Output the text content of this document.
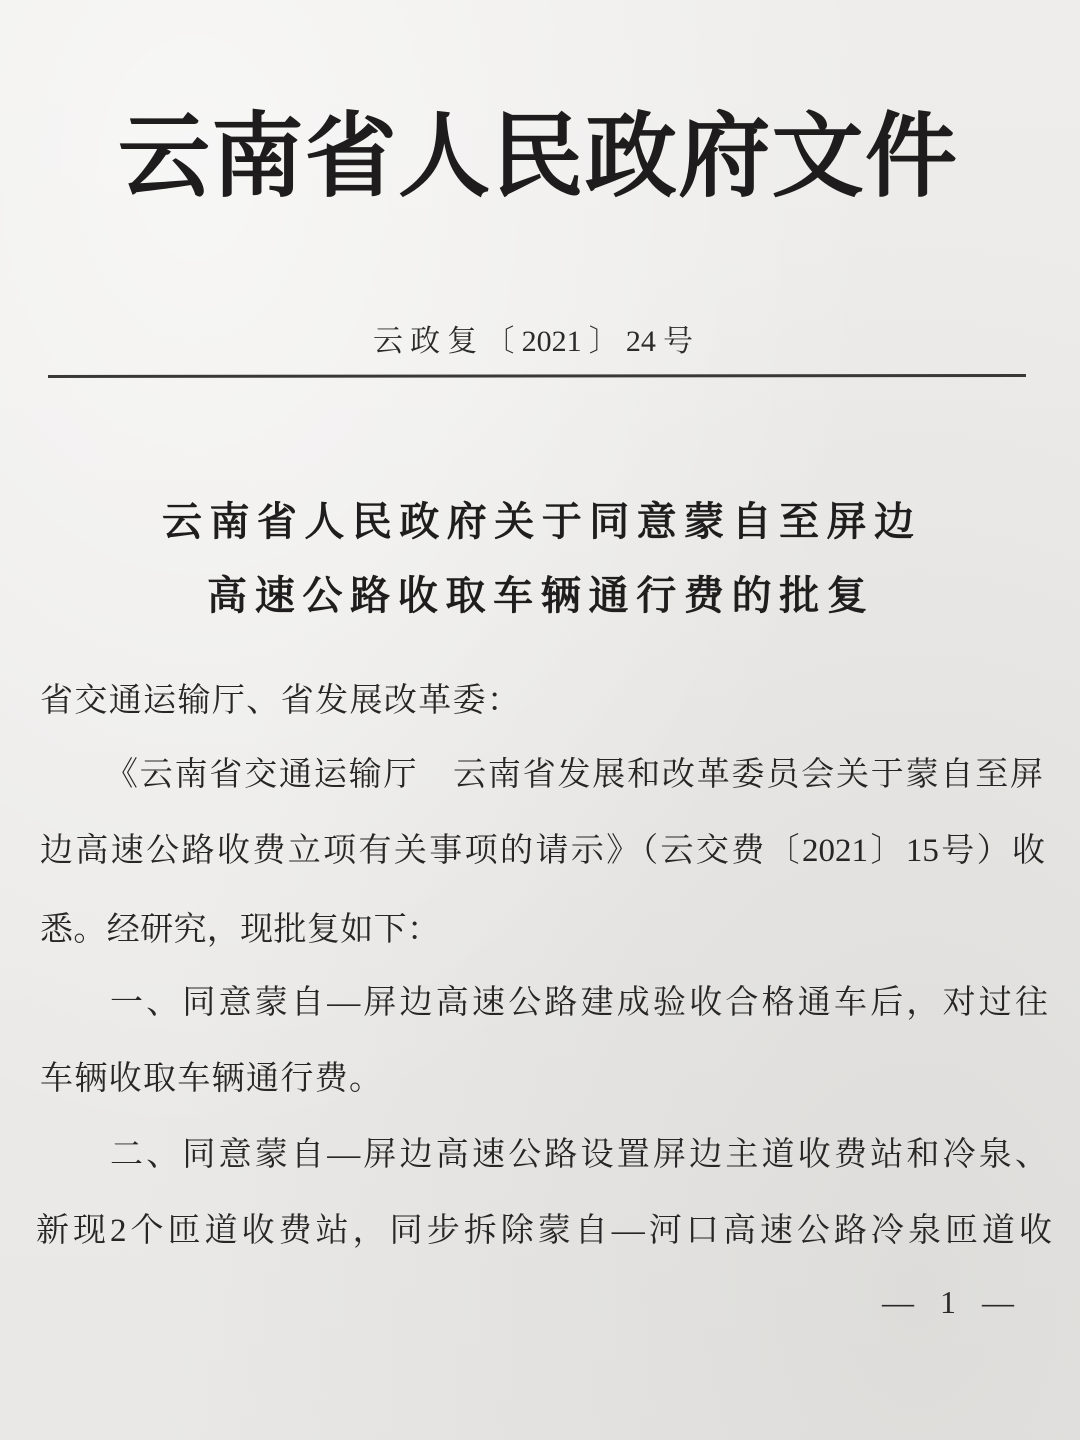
云南省人民政府文件
云政复〔2021〕24号
云南省人民政府关于同意蒙自至屏边
高速公路收取车辆通行费的批复

省交通运输厅、省发展改革委：

《云南省交通运输厅　云南省发展和改革委员会关于蒙自至屏

边高速公路收费立项有关事项的请示》（云交费〔2021〕15号）收

悉。经研究，现批复如下：

一、同意蒙自—屏边高速公路建成验收合格通车后，对过往

车辆收取车辆通行费。

二、同意蒙自—屏边高速公路设置屏边主道收费站和冷泉、

新现2个匝道收费站，同步拆除蒙自—河口高速公路冷泉匝道收

— 1 —
